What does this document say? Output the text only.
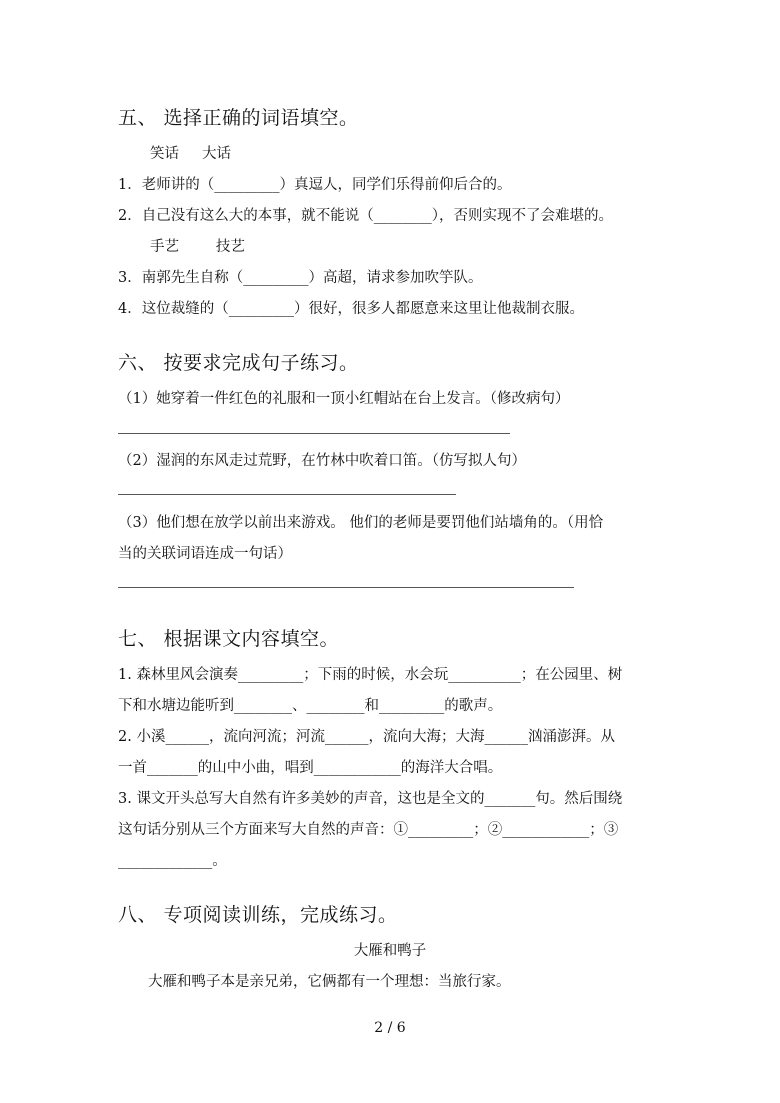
五、 选择正确的词语填空。
笑话     大话
1．老师讲的（_________）真逗人，同学们乐得前仰后合的。
2．自己没有这么大的本事，就不能说（________），否则实现不了会难堪的。
手艺        技艺
3．南郭先生自称（_________）高超，请求参加吹竽队。
4．这位裁缝的（_________）很好，很多人都愿意来这里让他裁制衣服。
六、 按要求完成句子练习。
（1）她穿着一件红色的礼服和一顶小红帽站在台上发言。（修改病句）
（2）湿润的东风走过荒野，在竹林中吹着口笛。（仿写拟人句）
（3）他们想在放学以前出来游戏。 他们的老师是要罚他们站墙角的。（用恰
当的关联词语连成一句话）
七、 根据课文内容填空。
1. 森林里风会演奏_________；下雨的时候，水会玩__________；在公园里、树
下和水塘边能听到________、________和_________的歌声。
2. 小溪______，流向河流；河流______，流向大海；大海______汹涌澎湃。从
一首_______的山中小曲，唱到____________的海洋大合唱。
3. 课文开头总写大自然有许多美妙的声音，这也是全文的_______句。然后围绕
这句话分别从三个方面来写大自然的声音：①_________；②____________；③
_____________。
八、 专项阅读训练，完成练习。
大雁和鸭子
大雁和鸭子本是亲兄弟，它俩都有一个理想：当旅行家。
2 / 6
